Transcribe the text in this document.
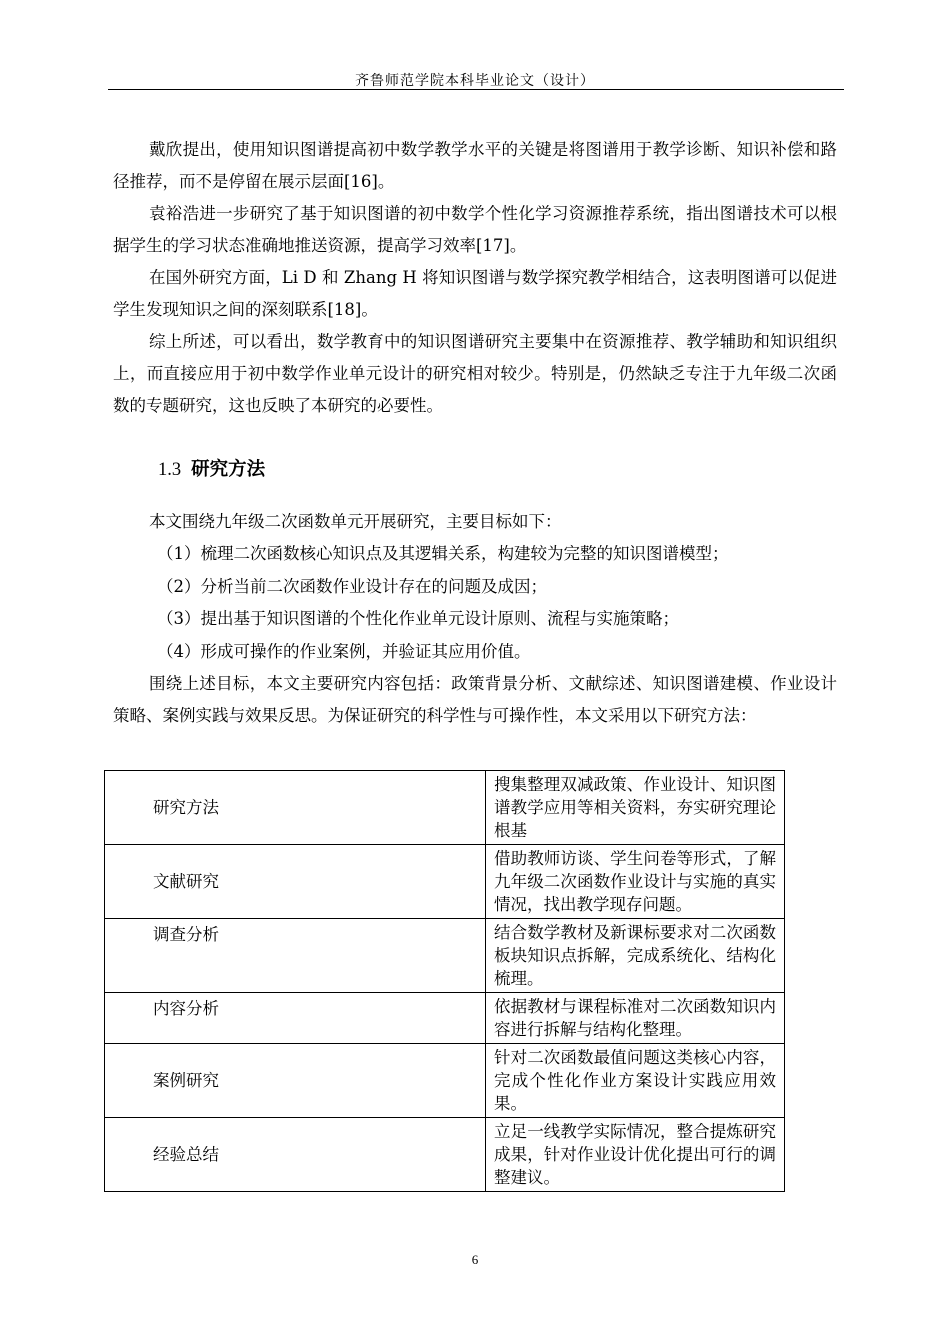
齐鲁师范学院本科毕业论文（设计）

戴欣提出，使用知识图谱提高初中数学教学水平的关键是将图谱用于教学诊断、知识补偿和路径推荐，而不是停留在展示层面[16]。

袁裕浩进一步研究了基于知识图谱的初中数学个性化学习资源推荐系统，指出图谱技术可以根据学生的学习状态准确地推送资源，提高学习效率[17]。

在国外研究方面，Li D 和 Zhang H 将知识图谱与数学探究教学相结合，这表明图谱可以促进学生发现知识之间的深刻联系[18]。

综上所述，可以看出，数学教育中的知识图谱研究主要集中在资源推荐、教学辅助和知识组织上，而直接应用于初中数学作业单元设计的研究相对较少。特别是，仍然缺乏专注于九年级二次函数的专题研究，这也反映了本研究的必要性。

1.3 研究方法

本文围绕九年级二次函数单元开展研究，主要目标如下：

（1）梳理二次函数核心知识点及其逻辑关系，构建较为完整的知识图谱模型；

（2）分析当前二次函数作业设计存在的问题及成因；

（3）提出基于知识图谱的个性化作业单元设计原则、流程与实施策略；

（4）形成可操作的作业案例，并验证其应用价值。

围绕上述目标，本文主要研究内容包括：政策背景分析、文献综述、知识图谱建模、作业设计策略、案例实践与效果反思。为保证研究的科学性与可操作性，本文采用以下研究方法：

研究方法	搜集整理双减政策、作业设计、知识图谱教学应用等相关资料，夯实研究理论根基
文献研究	借助教师访谈、学生问卷等形式，了解九年级二次函数作业设计与实施的真实情况，找出教学现存问题。
调查分析	结合数学教材及新课标要求对二次函数板块知识点拆解，完成系统化、结构化梳理。
内容分析	依据教材与课程标准对二次函数知识内容进行拆解与结构化整理。
案例研究	针对二次函数最值问题这类核心内容，完成个性化作业方案设计实践应用效果。
经验总结	立足一线教学实际情况，整合提炼研究成果，针对作业设计优化提出可行的调整建议。
6
